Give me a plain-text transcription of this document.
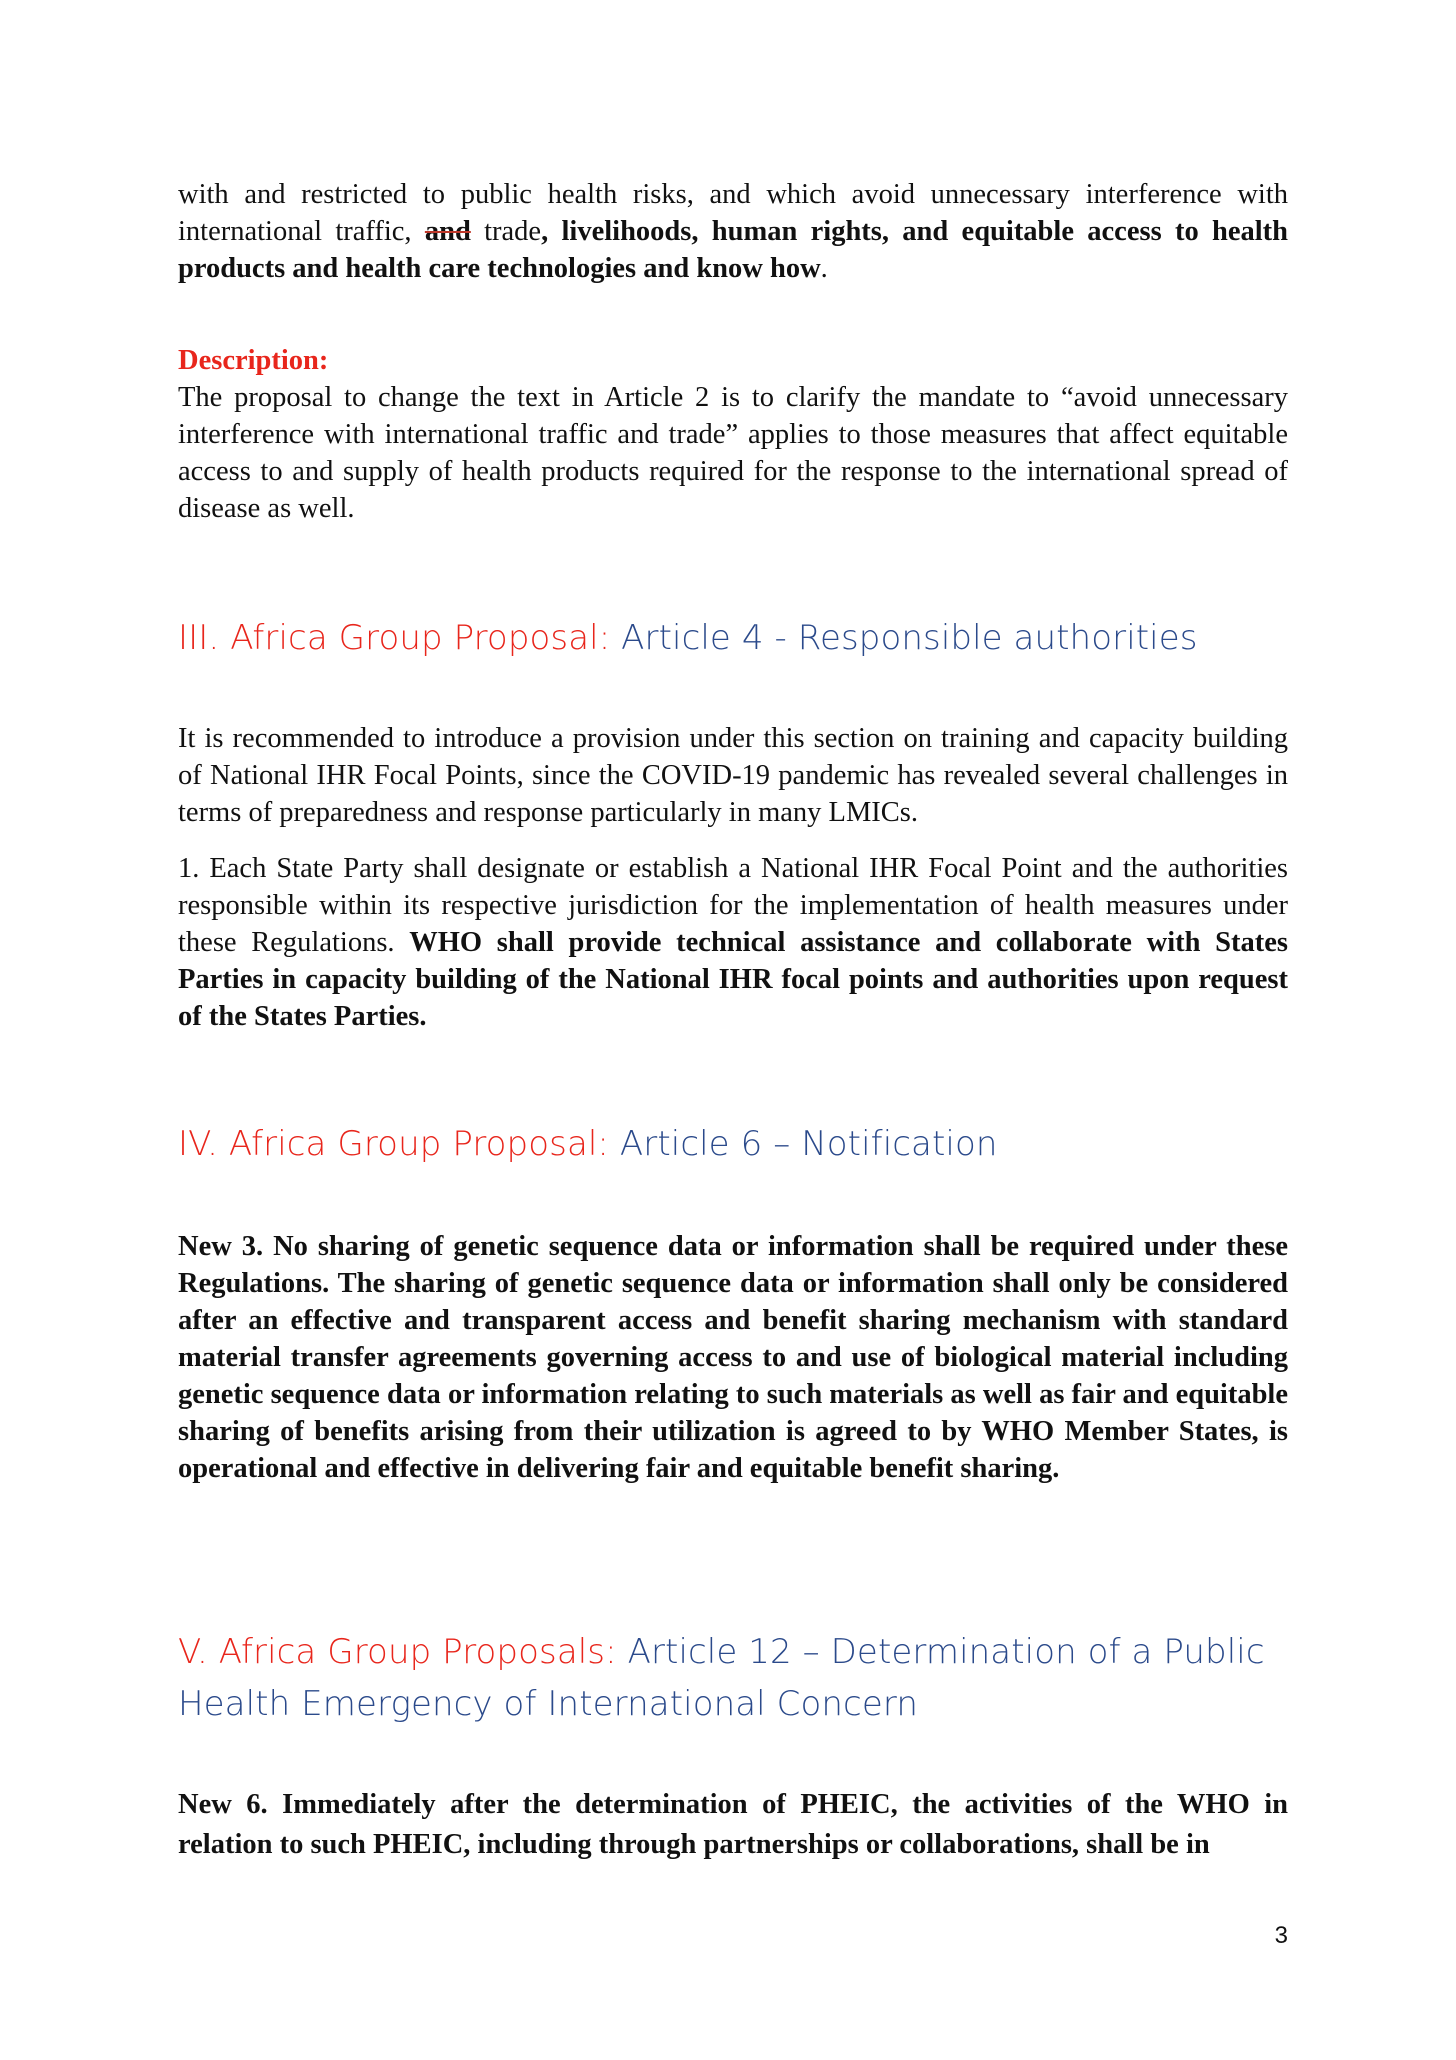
with and restricted to public health risks, and which avoid unnecessary interference with international traffic, and trade, livelihoods, human rights, and equitable access to health products and health care technologies and know how.

Description:

The proposal to change the text in Article 2 is to clarify the mandate to “avoid unnecessary interference with international traffic and trade” applies to those measures that affect equitable access to and supply of health products required for the response to the international spread of disease as well.

III. Africa Group Proposal: Article 4 - Responsible authorities

It is recommended to introduce a provision under this section on training and capacity building of National IHR Focal Points, since the COVID-19 pandemic has revealed several challenges in terms of preparedness and response particularly in many LMICs.

1. Each State Party shall designate or establish a National IHR Focal Point and the authorities responsible within its respective jurisdiction for the implementation of health measures under these Regulations. WHO shall provide technical assistance and collaborate with States Parties in capacity building of the National IHR focal points and authorities upon request of the States Parties.

IV. Africa Group Proposal: Article 6 – Notification

New 3. No sharing of genetic sequence data or information shall be required under these Regulations. The sharing of genetic sequence data or information shall only be considered after an effective and transparent access and benefit sharing mechanism with standard material transfer agreements governing access to and use of biological material including genetic sequence data or information relating to such materials as well as fair and equitable sharing of benefits arising from their utilization is agreed to by WHO Member States, is operational and effective in delivering fair and equitable benefit sharing.

V. Africa Group Proposals: Article 12 – Determination of a Public Health Emergency of International Concern

New 6. Immediately after the determination of PHEIC, the activities of the WHO in relation to such PHEIC, including through partnerships or collaborations, shall be in

3
